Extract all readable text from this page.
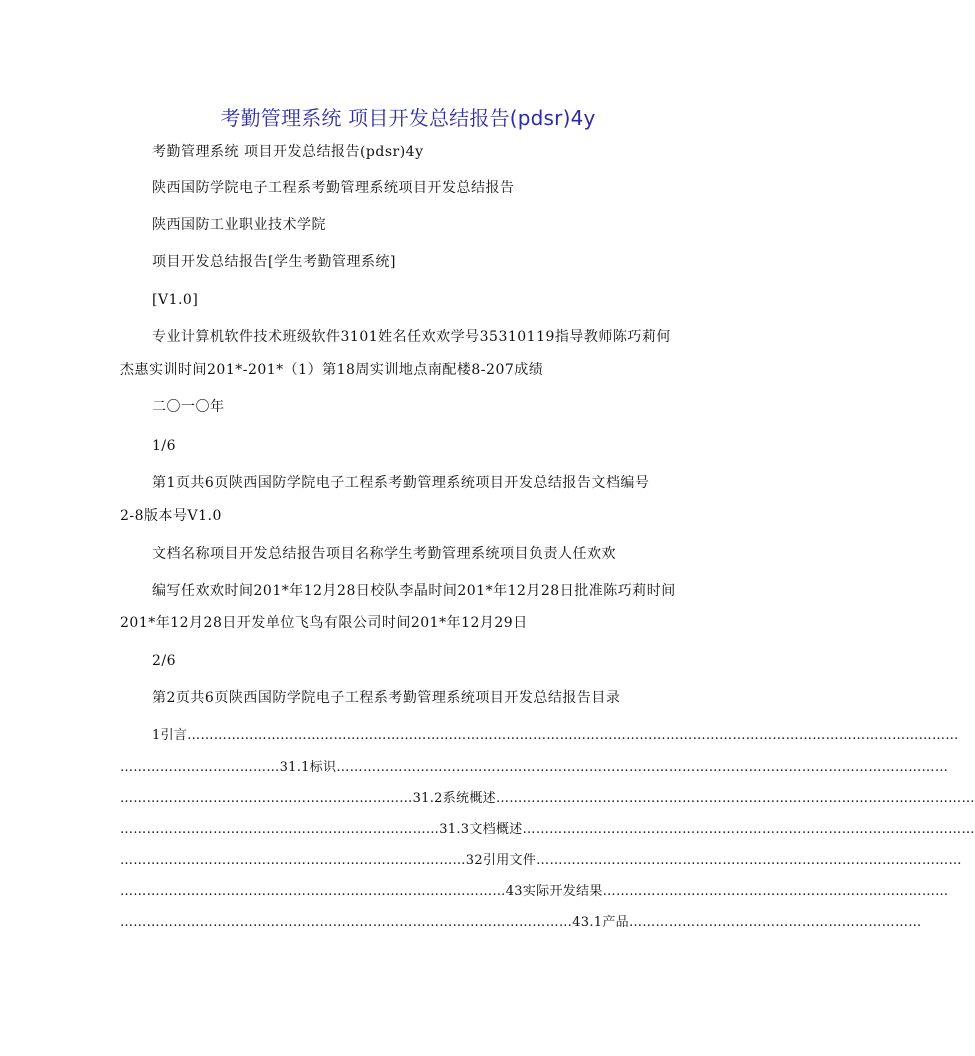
考勤管理系统 项目开发总结报告(pdsr)4y
考勤管理系统 项目开发总结报告(pdsr)4y
陕西国防学院电子工程系考勤管理系统项目开发总结报告
陕西国防工业职业技术学院
项目开发总结报告[学生考勤管理系统]
[V1.0]
专业计算机软件技术班级软件3101姓名任欢欢学号35310119指导教师陈巧莉何
杰惠实训时间201*-201*（1）第18周实训地点南配楼8-207成绩
二〇一〇年
1/6
第1页共6页陕西国防学院电子工程系考勤管理系统项目开发总结报告文档编号
2-8版本号V1.0
文档名称项目开发总结报告项目名称学生考勤管理系统项目负责人任欢欢
编写任欢欢时间201*年12月28日校队李晶时间201*年12月28日批准陈巧莉时间
201*年12月28日开发单位飞鸟有限公司时间201*年12月29日
2/6
第2页共6页陕西国防学院电子工程系考勤管理系统项目开发总结报告目录
1引言…………………………………………………………………………………………………………………………………………………………
………………………………31.1标识…………………………………………………………………………………………………………………………
…………………………………………………………31.2系统概述………………………………………………………………………………………………
………………………………………………………………31.3文档概述…………………………………………………………………………………………
……………………………………………………………………32引用文件……………………………………………………………………………………
……………………………………………………………………………43实际开发结果……………………………………………………………………
…………………………………………………………………………………………43.1产品…………………………………………………………
